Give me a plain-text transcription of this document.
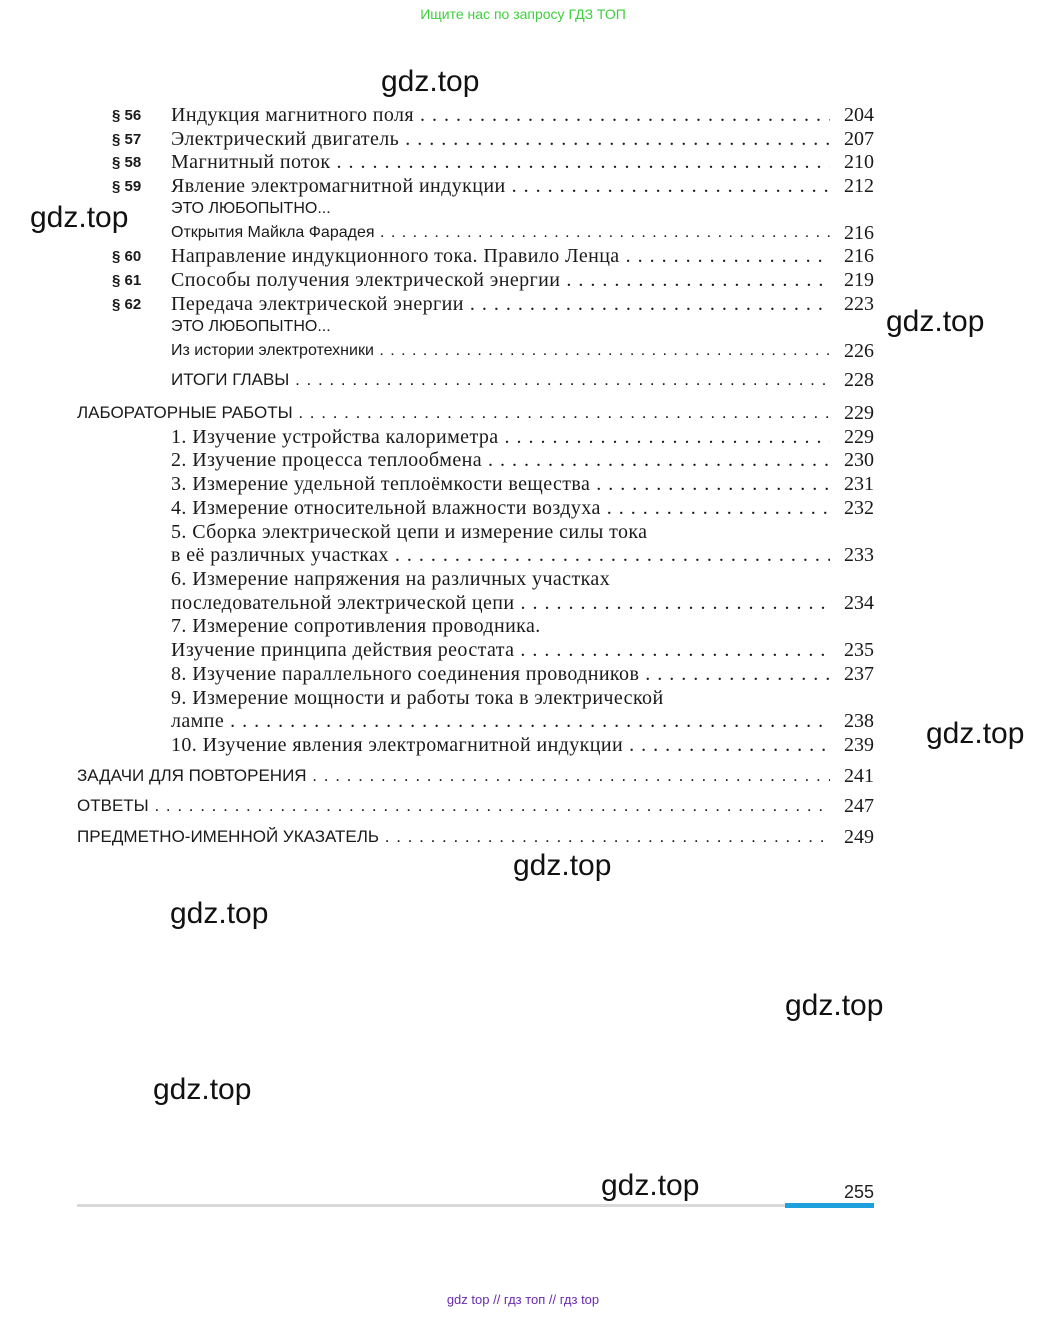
Ищите нас по запросу ГДЗ ТОП
gdz.top
gdz.top
gdz.top
gdz.top
gdz.top
gdz.top
gdz.top
gdz.top
gdz.top
§ 56 Индукция магнитного поля . . .	204
§ 57 Электрический двигатель . . .	207
§ 58 Магнитный поток . . .	210
§ 59 Явление электромагнитной индукции . . .	212
ЭТО ЛЮБОПЫТНО...
Открытия Майкла Фарадея . . .	216
§ 60 Направление индукционного тока. Правило Ленца . . .	216
§ 61 Способы получения электрической энергии . . .	219
§ 62 Передача электрической энергии . . .	223
ЭТО ЛЮБОПЫТНО...
Из истории электротехники . . .	226
ИТОГИ ГЛАВЫ . . .	228
ЛАБОРАТОРНЫЕ РАБОТЫ . . .	229
1. Изучение устройства калориметра . . .	229
2. Изучение процесса теплообмена . . .	230
3. Измерение удельной теплоёмкости вещества . . .	231
4. Измерение относительной влажности воздуха . . .	232
5. Сборка электрической цепи и измерение силы тока
в её различных участках . . .	233
6. Измерение напряжения на различных участках
последовательной электрической цепи . . .	234
7. Измерение сопротивления проводника.
Изучение принципа действия реостата . . .	235
8. Изучение параллельного соединения проводников . . .	237
9. Измерение мощности и работы тока в электрической
лампе . . .	238
10. Изучение явления электромагнитной индукции . . .	239
ЗАДАЧИ ДЛЯ ПОВТОРЕНИЯ . . .	241
ОТВЕТЫ . . .	247
ПРЕДМЕТНО-ИМЕННОЙ УКАЗАТЕЛЬ . . .	249
255
gdz top // гдз топ // гдз top
